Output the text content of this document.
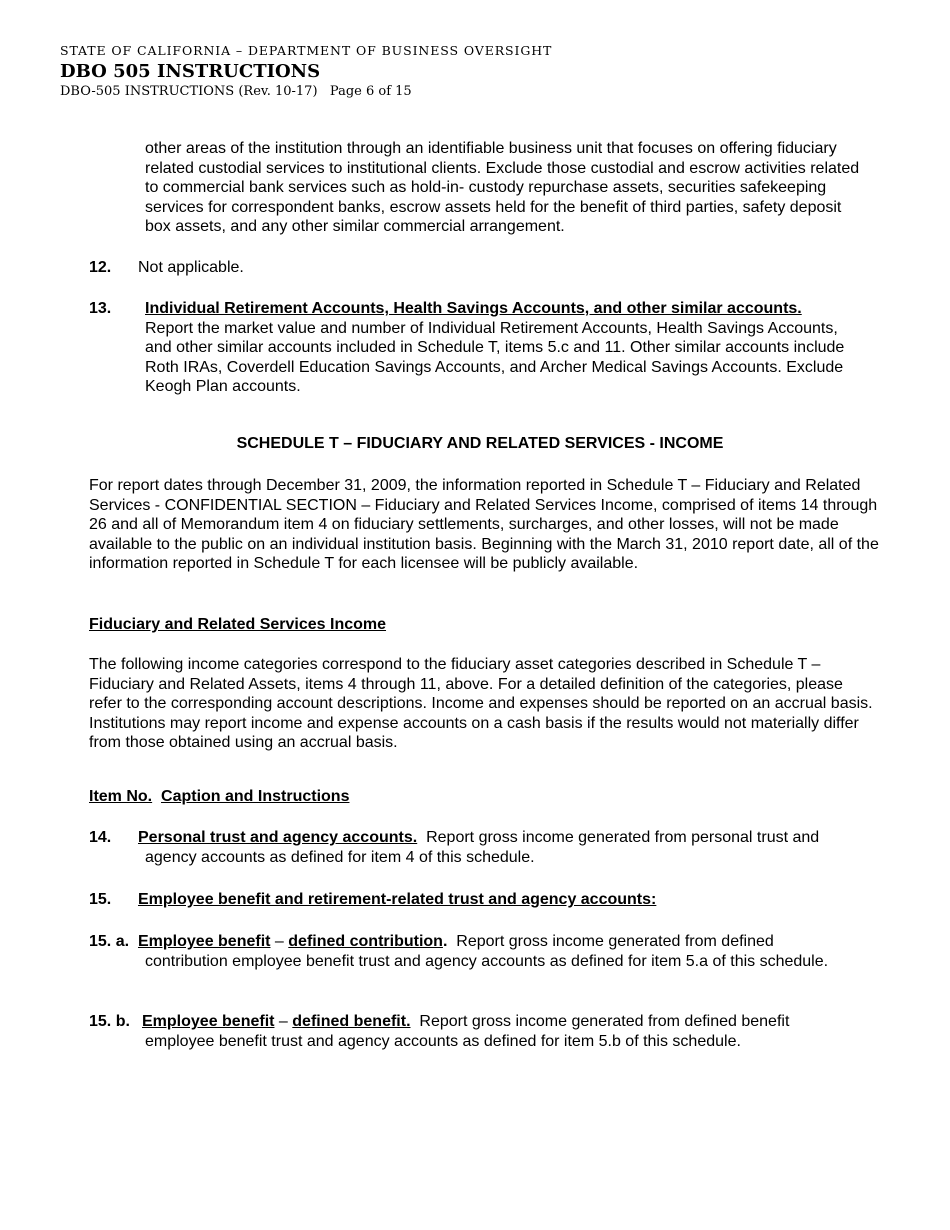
STATE OF CALIFORNIA – DEPARTMENT OF BUSINESS OVERSIGHT
DBO 505 INSTRUCTIONS
DBO-505 INSTRUCTIONS (Rev. 10-17)   Page 6 of 15
other areas of the institution through an identifiable business unit that focuses on offering fiduciary related custodial services to institutional clients. Exclude those custodial and escrow activities related to commercial bank services such as hold-in- custody repurchase assets, securities safekeeping services for correspondent banks, escrow assets held for the benefit of third parties, safety deposit box assets, and any other similar commercial arrangement.
12. Not applicable.
13. Individual Retirement Accounts, Health Savings Accounts, and other similar accounts.
Report the market value and number of Individual Retirement Accounts, Health Savings Accounts, and other similar accounts included in Schedule T, items 5.c and 11. Other similar accounts include Roth IRAs, Coverdell Education Savings Accounts, and Archer Medical Savings Accounts. Exclude Keogh Plan accounts.
SCHEDULE T – FIDUCIARY AND RELATED SERVICES - INCOME
For report dates through December 31, 2009, the information reported in Schedule T – Fiduciary and Related Services - CONFIDENTIAL SECTION – Fiduciary and Related Services Income, comprised of items 14 through 26 and all of Memorandum item 4 on fiduciary settlements, surcharges, and other losses, will not be made available to the public on an individual institution basis. Beginning with the March 31, 2010 report date, all of the information reported in Schedule T for each licensee will be publicly available.
Fiduciary and Related Services Income
The following income categories correspond to the fiduciary asset categories described in Schedule T – Fiduciary and Related Assets, items 4 through 11, above. For a detailed definition of the categories, please refer to the corresponding account descriptions. Income and expenses should be reported on an accrual basis. Institutions may report income and expense accounts on a cash basis if the results would not materially differ from those obtained using an accrual basis.
Item No. Caption and Instructions
14. Personal trust and agency accounts. Report gross income generated from personal trust and
agency accounts as defined for item 4 of this schedule.
15. Employee benefit and retirement-related trust and agency accounts:
15. a. Employee benefit – defined contribution. Report gross income generated from defined
contribution employee benefit trust and agency accounts as defined for item 5.a of this schedule.
15. b. Employee benefit – defined benefit. Report gross income generated from defined benefit
employee benefit trust and agency accounts as defined for item 5.b of this schedule.
